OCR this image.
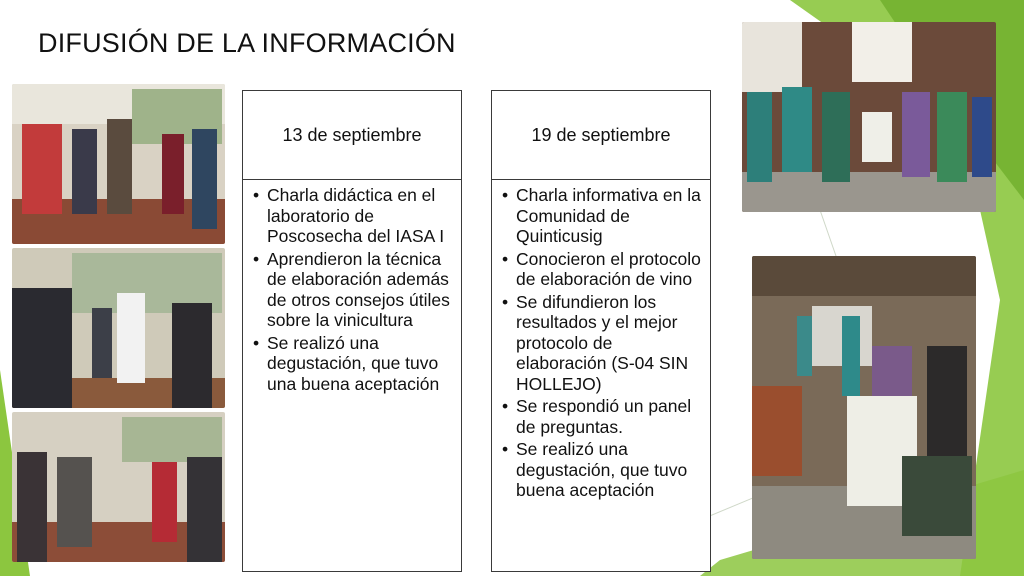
DIFUSIÓN DE LA INFORMACIÓN
13 de septiembre
• Charla didáctica en el laboratorio de Poscosecha del IASA I
• Aprendieron la técnica de elaboración además de otros consejos útiles sobre la vinicultura
• Se realizó una degustación, que tuvo una buena aceptación
19 de septiembre
• Charla informativa en la Comunidad de Quinticusig
• Conocieron el protocolo de elaboración de vino
• Se difundieron los resultados y el mejor protocolo de elaboración (S-04 SIN HOLLEJO)
• Se respondió un panel de preguntas.
• Se realizó una degustación, que tuvo buena aceptación
